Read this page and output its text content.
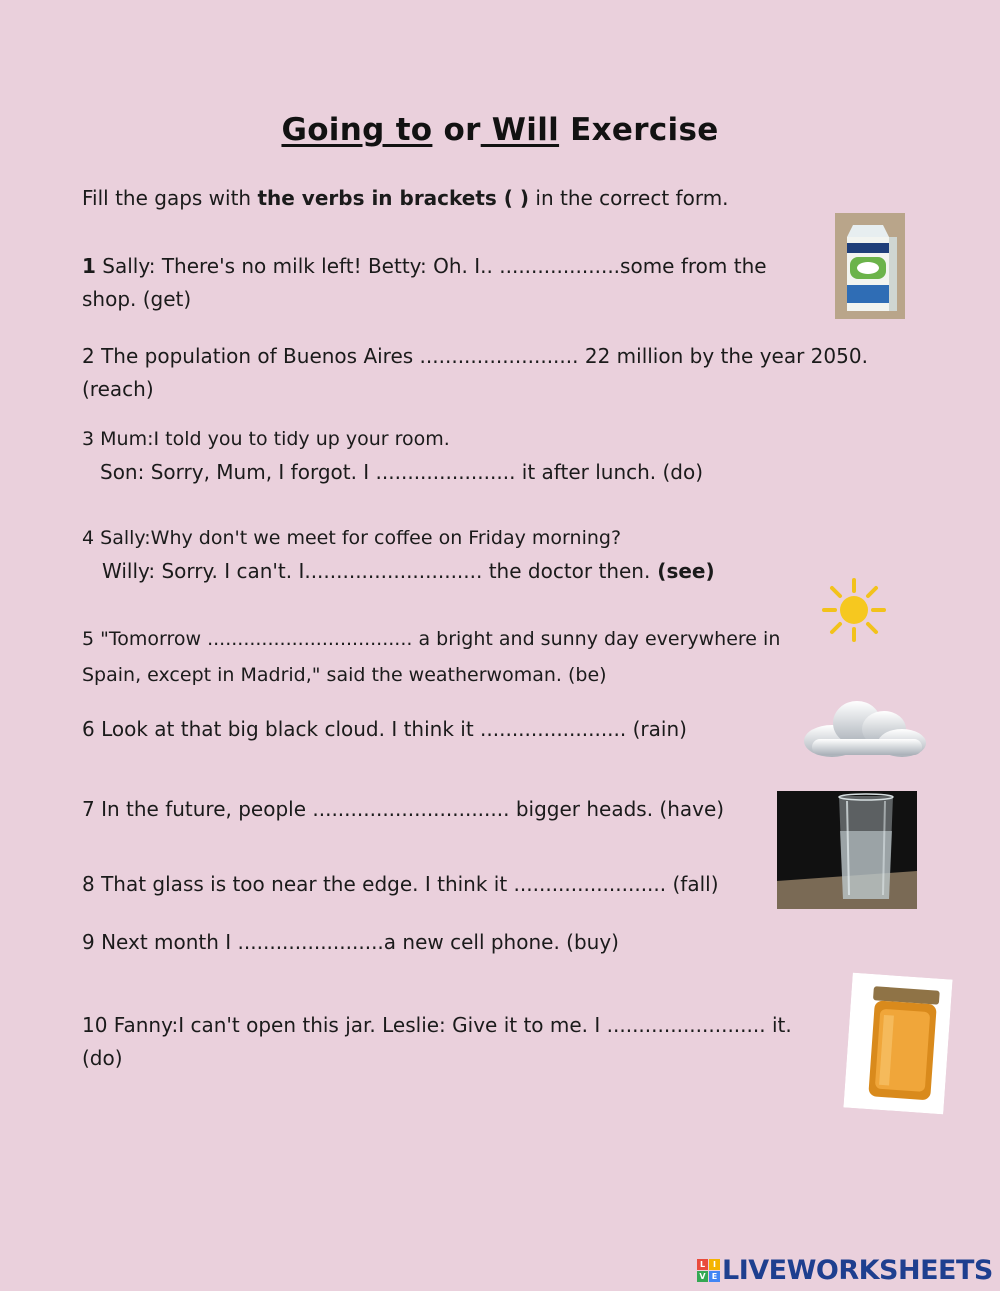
Going to or Will Exercise
Fill the gaps with the verbs in brackets ( ) in the correct form.
1 Sally: There's no milk left! Betty: Oh. I.. ...................some from the
shop. (get)
2 The population of Buenos Aires ......................... 22 million by the year 2050.
(reach)
3 Mum:I told you to tidy up your room.
Son: Sorry, Mum, I forgot. I ...................... it after lunch. (do)
4 Sally:Why don't we meet for coffee on Friday morning?
Willy: Sorry. I can't. I............................ the doctor then. (see)
5 "Tomorrow .................................. a bright and sunny day everywhere in
Spain, except in Madrid," said the weatherwoman. (be)
6 Look at that big black cloud. I think it ....................... (rain)
7 In the future, people ............................... bigger heads. (have)
8 That glass is too near the edge. I think it ........................ (fall)
9 Next month I .......................a new cell phone. (buy)
10 Fanny:I can't open this jar. Leslie: Give it to me. I ......................... it.
(do)
L I
V E LIVEWORKSHEETS
